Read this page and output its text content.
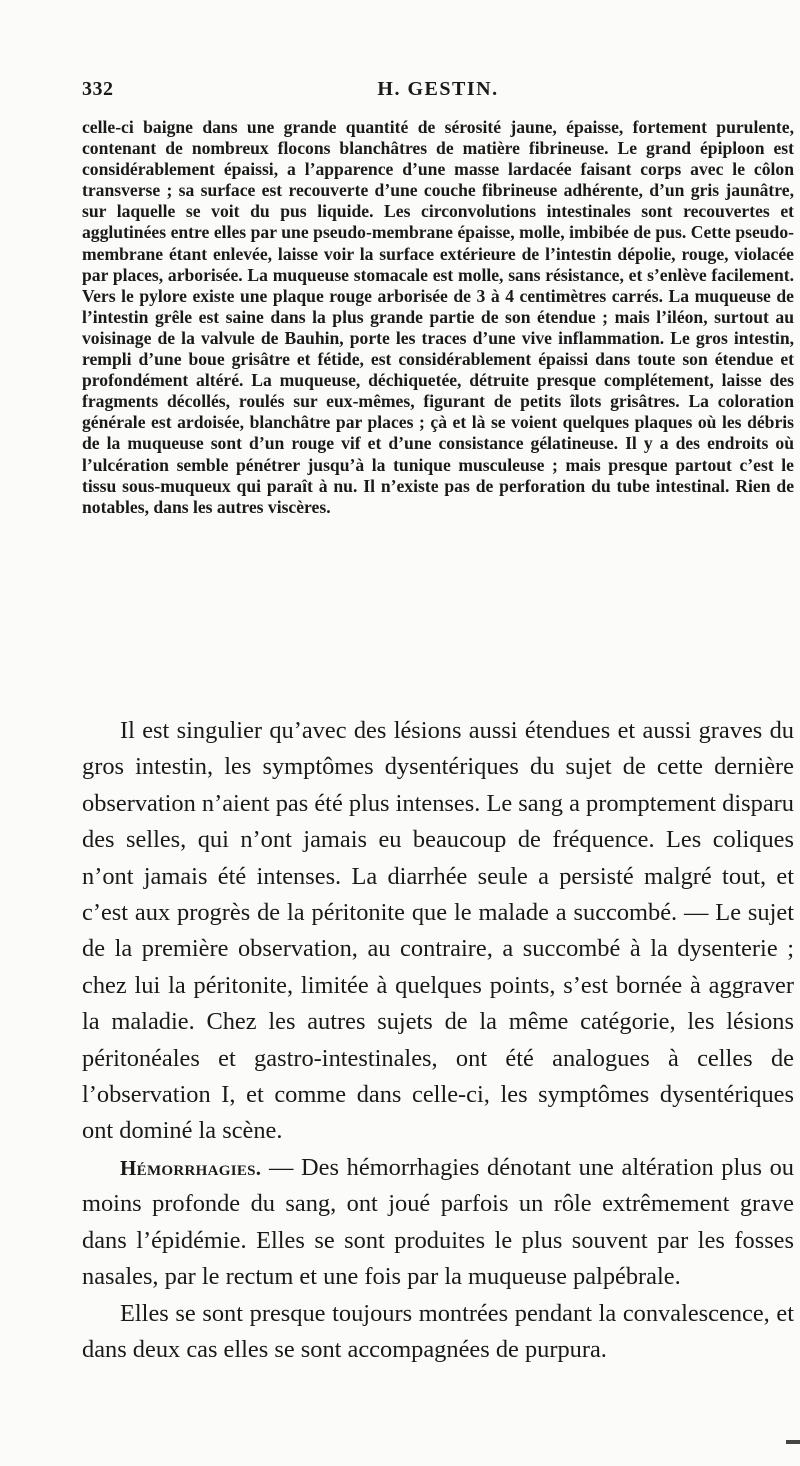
332	H. GESTIN.

celle-ci baigne dans une grande quantité de sérosité jaune, épaisse, fortement purulente, contenant de nombreux flocons blanchâtres de matière fibrineuse. Le grand épiploon est considérablement épaissi, a l’apparence d’une masse lardacée faisant corps avec le côlon transverse ; sa surface est recouverte d’une couche fibrineuse adhérente, d’un gris jaunâtre, sur laquelle se voit du pus liquide. Les circonvolutions intestinales sont recouvertes et agglutinées entre elles par une pseudo-membrane épaisse, molle, imbibée de pus. Cette pseudo-membrane étant enlevée, laisse voir la surface extérieure de l’intestin dépolie, rouge, violacée par places, arborisée. La muqueuse stomacale est molle, sans résistance, et s’enlève facilement. Vers le pylore existe une plaque rouge arborisée de 3 à 4 centimètres carrés. La muqueuse de l’intestin grêle est saine dans la plus grande partie de son étendue ; mais l’iléon, surtout au voisinage de la valvule de Bauhin, porte les traces d’une vive inflammation. Le gros intestin, rempli d’une boue grisâtre et fétide, est considérablement épaissi dans toute son étendue et profondément altéré. La muqueuse, déchiquetée, détruite presque complétement, laisse des fragments décollés, roulés sur eux-mêmes, figurant de petits îlots grisâtres. La coloration générale est ardoisée, blanchâtre par places ; çà et là se voient quelques plaques où les débris de la muqueuse sont d’un rouge vif et d’une consistance gélatineuse. Il y a des endroits où l’ulcération semble pénétrer jusqu’à la tunique musculeuse ; mais presque partout c’est le tissu sous-muqueux qui paraît à nu. Il n’existe pas de perforation du tube intestinal. Rien de notables, dans les autres viscères.

Il est singulier qu’avec des lésions aussi étendues et aussi graves du gros intestin, les symptômes dysentériques du sujet de cette dernière observation n’aient pas été plus intenses. Le sang a promptement disparu des selles, qui n’ont jamais eu beaucoup de fréquence. Les coliques n’ont jamais été intenses. La diarrhée seule a persisté malgré tout, et c’est aux progrès de la péritonite que le malade a succombé. — Le sujet de la première observation, au contraire, a succombé à la dysenterie ; chez lui la péritonite, limitée à quelques points, s’est bornée à aggraver la maladie. Chez les autres sujets de la même catégorie, les lésions péritonéales et gastro-intestinales, ont été analogues à celles de l’observation I, et comme dans celle-ci, les symptômes dysentériques ont dominé la scène.

Hémorrhagies. — Des hémorrhagies dénotant une altération plus ou moins profonde du sang, ont joué parfois un rôle extrêmement grave dans l’épidémie. Elles se sont produites le plus souvent par les fosses nasales, par le rectum et une fois par la muqueuse palpébrale.

Elles se sont presque toujours montrées pendant la convalescence, et dans deux cas elles se sont accompagnées de purpura.
